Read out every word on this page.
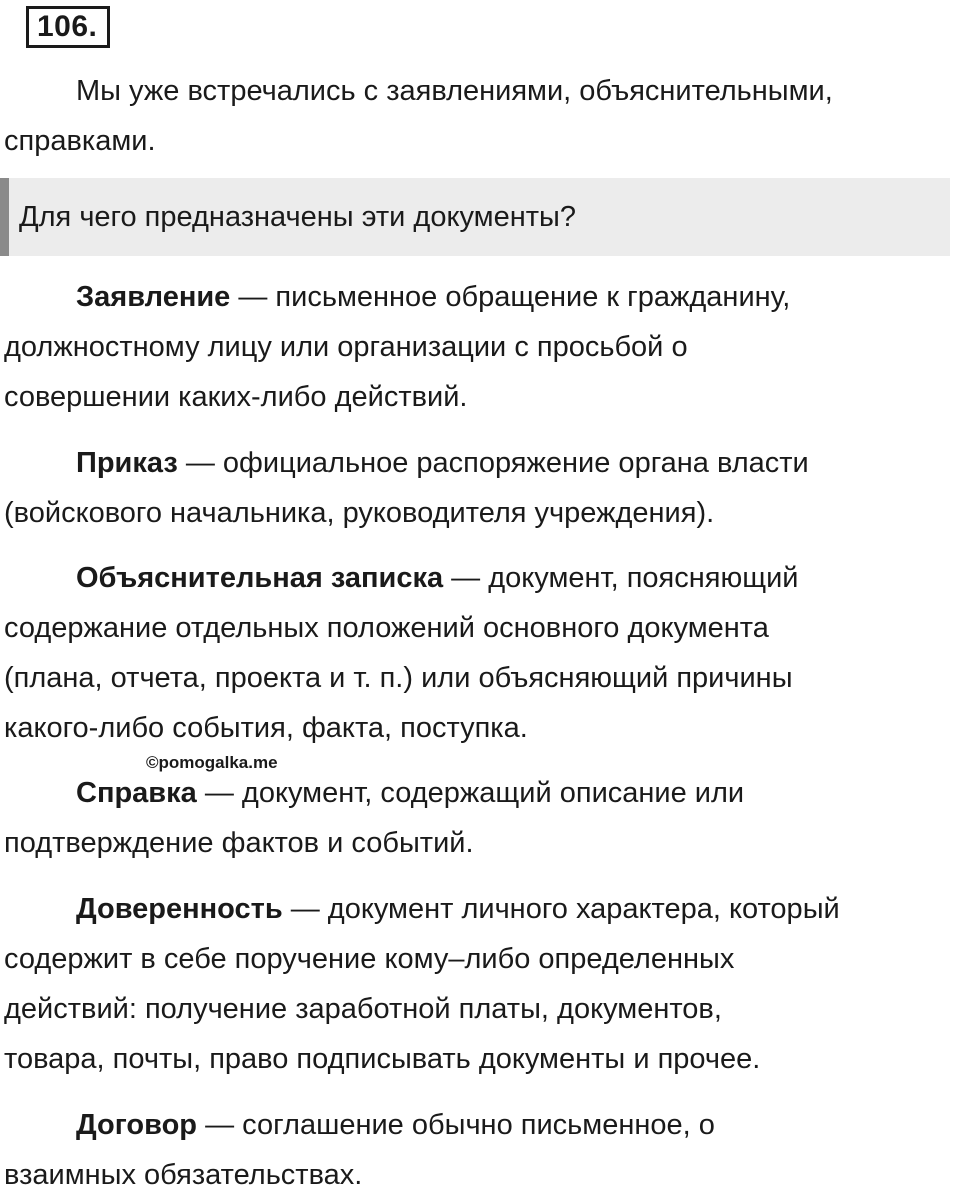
106.

Мы уже встречались с заявлениями, объяснительными,
справками.

Для чего предназначены эти документы?

Заявление — письменное обращение к гражданину,
должностному лицу или организации с просьбой о
совершении каких-либо действий.

Приказ — официальное распоряжение органа власти
(войскового начальника, руководителя учреждения).

Объяснительная записка — документ, поясняющий
содержание отдельных положений основного документа
(плана, отчета, проекта и т. п.) или объясняющий причины
какого-либо события, факта, поступка.

©pomogalka.me

Справка — документ, содержащий описание или
подтверждение фактов и событий.

Доверенность — документ личного характера, который
содержит в себе поручение кому–либо определенных
действий: получение заработной платы, документов,
товара, почты, право подписывать документы и прочее.

Договор — соглашение обычно письменное, о
взаимных обязательствах.
